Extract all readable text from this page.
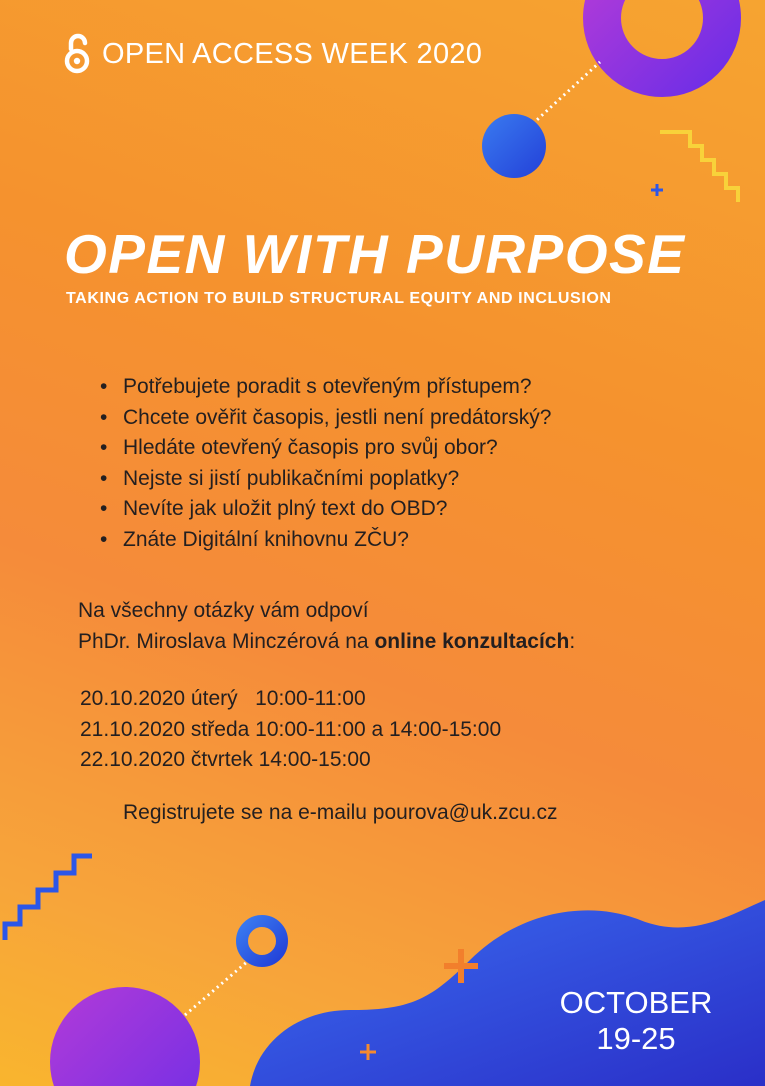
OPEN ACCESS WEEK 2020
OPEN WITH PURPOSE
TAKING ACTION TO BUILD STRUCTURAL EQUITY AND INCLUSION
• Potřebujete poradit s otevřeným přístupem?
• Chcete ověřit časopis, jestli není predátorský?
• Hledáte otevřený časopis pro svůj obor?
• Nejste si jistí publikačními poplatky?
• Nevíte jak uložit plný text do OBD?
• Znáte Digitální knihovnu ZČU?

Na všechny otázky vám odpoví

PhDr. Miroslava Minczérová na online konzultacích:

20.10.2020 úterý   10:00-11:00

21.10.2020 středa 10:00-11:00 a 14:00-15:00

22.10.2020 čtvrtek 14:00-15:00

Registrujete se na e-mailu pourova@uk.zcu.cz
OCTOBER
19-25
